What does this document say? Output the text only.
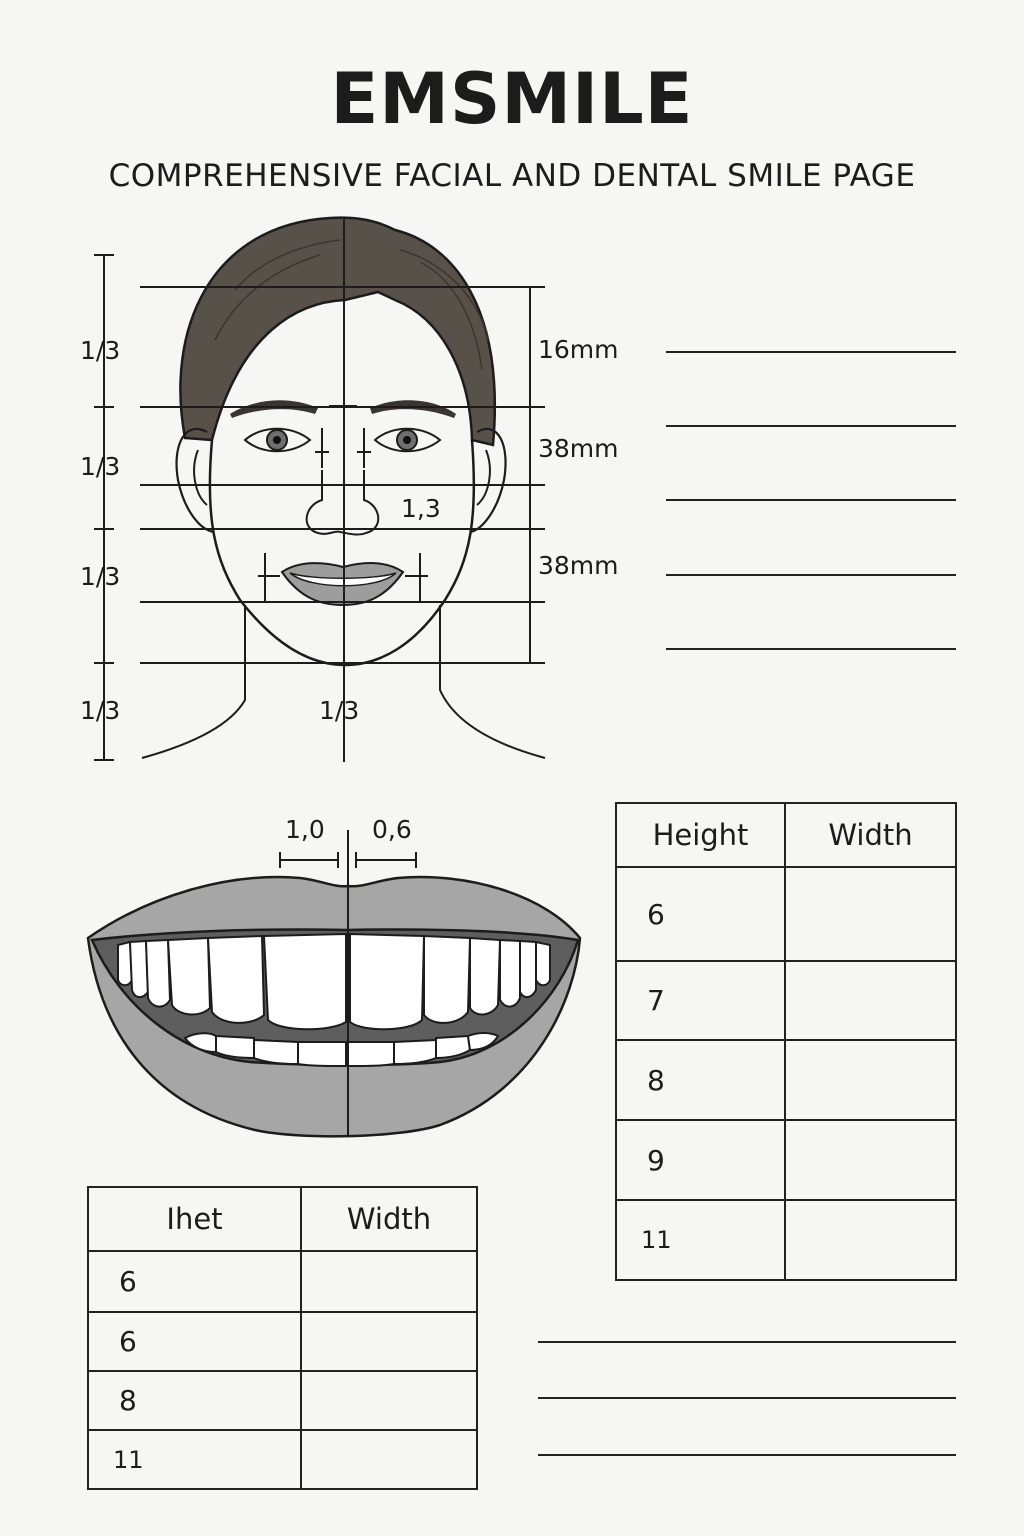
EMSMILE
COMPREHENSIVE FACIAL AND DENTAL SMILE PAGE
1/3
1/3
1/3
1/3
16mm
38mm
38mm
1,3
1/3
1,0 0,6	Height	Width
6	
7	
8	
9	
11	
Ihet	Width
6	
6	
8	
11	
